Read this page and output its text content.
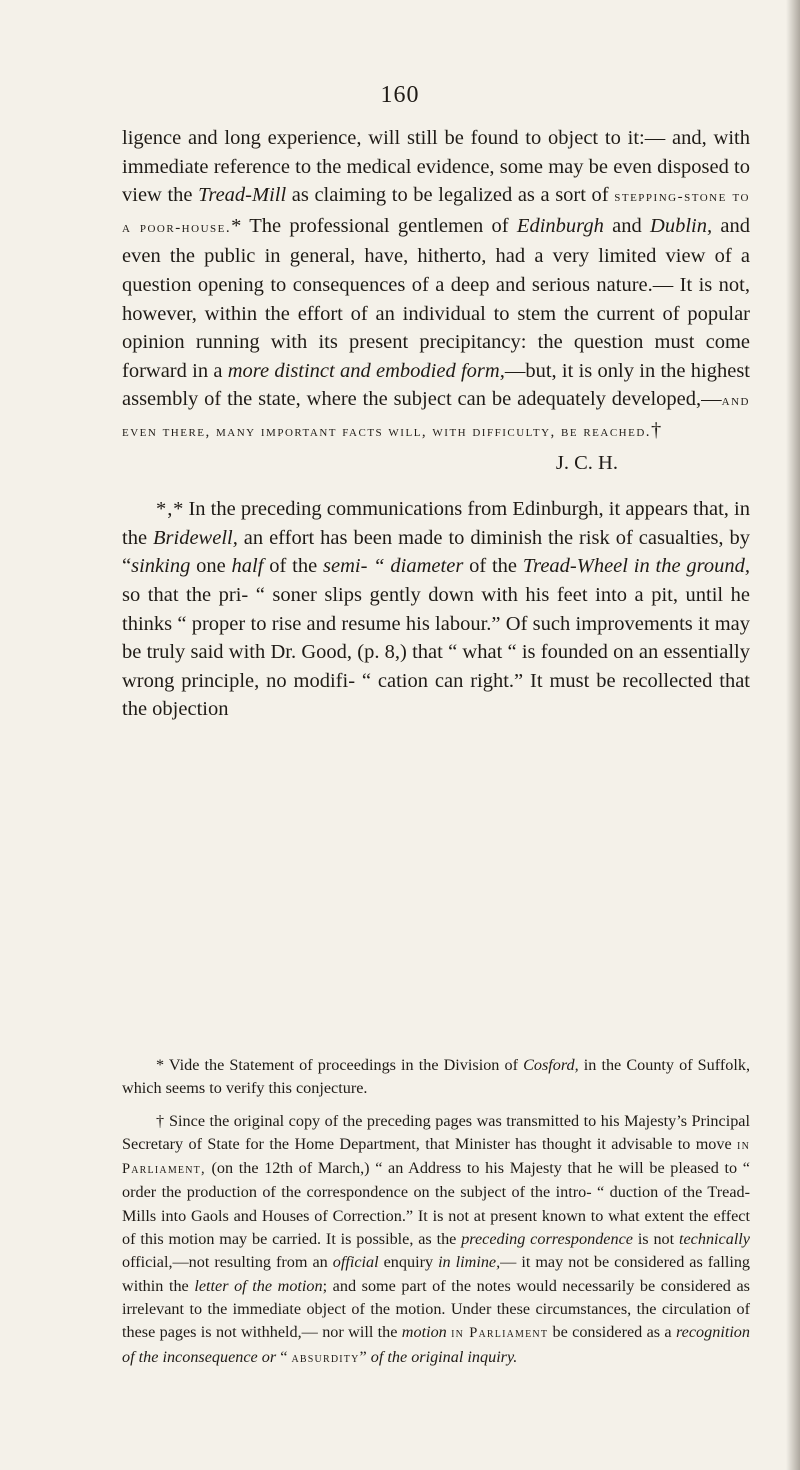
160

ligence and long experience, will still be found to object to it:— and, with immediate reference to the medical evidence, some may be even disposed to view the Tread-Mill as claiming to be legalized as a sort of stepping-stone to a poor-house.* The professional gentlemen of Edinburgh and Dublin, and even the public in general, have, hitherto, had a very limited view of a question opening to consequences of a deep and serious nature.— It is not, however, within the effort of an individual to stem the current of popular opinion running with its present precipitancy: the question must come forward in a more distinct and embodied form,—but, it is only in the highest assembly of the state, where the subject can be adequately developed,—and even there, many important facts will, with difficulty, be reached.†

J. C. H.

*‚* In the preceding communications from Edinburgh, it appears that, in the Bridewell, an effort has been made to diminish the risk of casualties, by “sinking one half of the semi- “ diameter of the Tread-Wheel in the ground, so that the pri- “ soner slips gently down with his feet into a pit, until he thinks “ proper to rise and resume his labour.” Of such improvements it may be truly said with Dr. Good, (p. 8,) that “ what “ is founded on an essentially wrong principle, no modifi- “ cation can right.” It must be recollected that the objection

* Vide the Statement of proceedings in the Division of Cosford, in the County of Suffolk, which seems to verify this conjecture.

† Since the original copy of the preceding pages was transmitted to his Majesty’s Principal Secretary of State for the Home Department, that Minister has thought it advisable to move in Parliament, (on the 12th of March,) “ an Address to his Majesty that he will be pleased to “ order the production of the correspondence on the subject of the intro- “ duction of the Tread-Mills into Gaols and Houses of Correction.” It is not at present known to what extent the effect of this motion may be carried. It is possible, as the preceding correspondence is not technically official,—not resulting from an official enquiry in limine,— it may not be considered as falling within the letter of the motion; and some part of the notes would necessarily be considered as irrelevant to the immediate object of the motion. Under these circumstances, the circulation of these pages is not withheld,— nor will the motion in Parliament be considered as a recognition of the inconsequence or “ absurdity” of the original inquiry.
